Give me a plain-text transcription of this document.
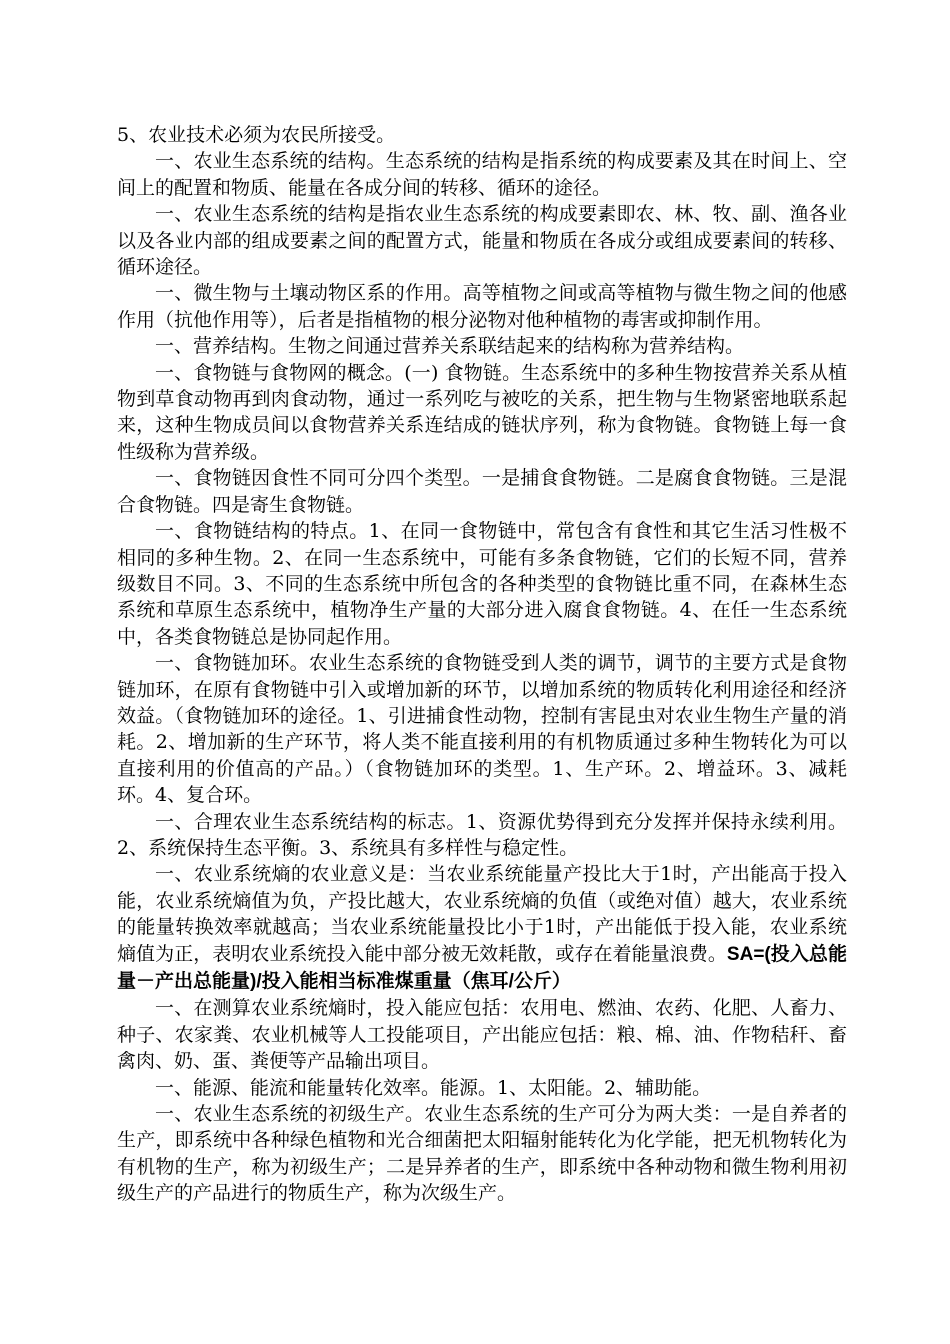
5、农业技术必须为农民所接受。

一、农业生态系统的结构。生态系统的结构是指系统的构成要素及其在时间上、空间上的配置和物质、能量在各成分间的转移、循环的途径。

一、农业生态系统的结构是指农业生态系统的构成要素即农、林、牧、副、渔各业以及各业内部的组成要素之间的配置方式，能量和物质在各成分或组成要素间的转移、循环途径。

一、微生物与土壤动物区系的作用。高等植物之间或高等植物与微生物之间的他感作用（抗他作用等），后者是指植物的根分泌物对他种植物的毒害或抑制作用。

一、营养结构。生物之间通过营养关系联结起来的结构称为营养结构。

一、食物链与食物网的概念。(一) 食物链。生态系统中的多种生物按营养关系从植物到草食动物再到肉食动物，通过一系列吃与被吃的关系，把生物与生物紧密地联系起来，这种生物成员间以食物营养关系连结成的链状序列，称为食物链。食物链上每一食性级称为营养级。

一、食物链因食性不同可分四个类型。一是捕食食物链。二是腐食食物链。三是混合食物链。四是寄生食物链。

一、食物链结构的特点。1、在同一食物链中，常包含有食性和其它生活习性极不相同的多种生物。2、在同一生态系统中，可能有多条食物链，它们的长短不同，营养级数目不同。3、不同的生态系统中所包含的各种类型的食物链比重不同，在森林生态系统和草原生态系统中，植物净生产量的大部分进入腐食食物链。4、在任一生态系统中，各类食物链总是协同起作用。

一、食物链加环。农业生态系统的食物链受到人类的调节，调节的主要方式是食物链加环，在原有食物链中引入或增加新的环节，以增加系统的物质转化利用途径和经济效益。（食物链加环的途径。1、引进捕食性动物，控制有害昆虫对农业生物生产量的消耗。2、增加新的生产环节，将人类不能直接利用的有机物质通过多种生物转化为可以直接利用的价值高的产品。）（食物链加环的类型。1、生产环。2、增益环。3、减耗环。4、复合环。

一、合理农业生态系统结构的标志。1、资源优势得到充分发挥并保持永续利用。2、系统保持生态平衡。3、系统具有多样性与稳定性。

一、农业系统熵的农业意义是：当农业系统能量产投比大于1时，产出能高于投入能，农业系统熵值为负，产投比越大，农业系统熵的负值（或绝对值）越大，农业系统的能量转换效率就越高；当农业系统能量投比小于1时，产出能低于投入能，农业系统熵值为正，表明农业系统投入能中部分被无效耗散，或存在着能量浪费。SA=(投入总能量－产出总能量)/投入能相当标准煤重量（焦耳/公斤）

一、在测算农业系统熵时，投入能应包括：农用电、燃油、农药、化肥、人畜力、种子、农家粪、农业机械等人工投能项目，产出能应包括：粮、棉、油、作物秸秆、畜禽肉、奶、蛋、粪便等产品输出项目。

一、能源、能流和能量转化效率。能源。1、太阳能。2、辅助能。

一、农业生态系统的初级生产。农业生态系统的生产可分为两大类：一是自养者的生产，即系统中各种绿色植物和光合细菌把太阳辐射能转化为化学能，把无机物转化为有机物的生产，称为初级生产；二是异养者的生产，即系统中各种动物和微生物利用初级生产的产品进行的物质生产，称为次级生产。
